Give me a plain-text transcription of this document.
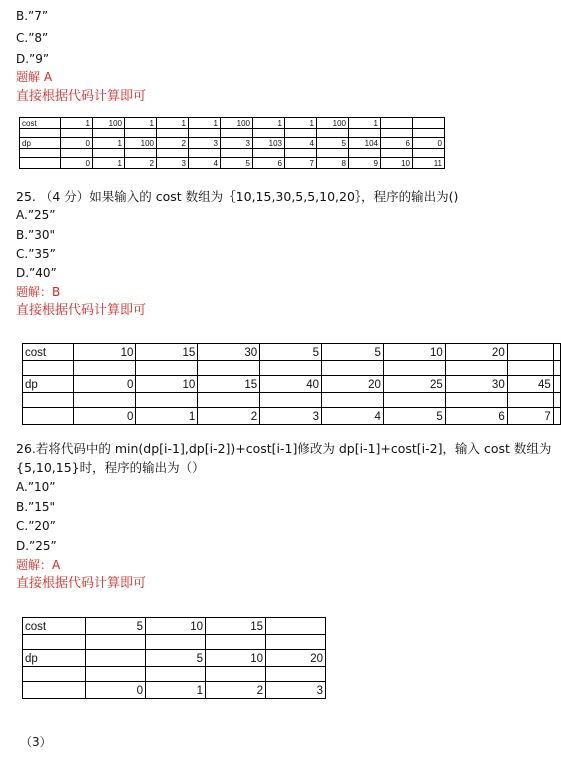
B.”7”
C.”8”
D.”9”
题解 A
直接根据代码计算即可
cost	1	100	1	1	1	100	1	1	100	1		

dp	0	1	100	2	3	3	103	4	5	104	6	0

	0	1	2	3	4	5	6	7	8	9	10	11
25. （4 分）如果输入的 cost 数组为｛10,15,30,5,5,10,20｝，程序的输出为()
A.”25”
B.”30"
C.”35”
D.”40”
题解：B
直接根据代码计算即可
cost	10	15	30	5	5	10	20		

dp	0	10	15	40	20	25	30	45	

	0	1	2	3	4	5	6	7	
26.若将代码中的 min(dp[i-1],dp[i-2])+cost[i-1]修改为 dp[i-1]+cost[i-2]，输入 cost 数组为
{5,10,15}时，程序的输出为（）
A.”10”
B.”15"
C.”20”
D.”25”
题解：A
直接根据代码计算即可
cost	5	10	15	

dp		5	10	20

	0	1	2	3
（3）
